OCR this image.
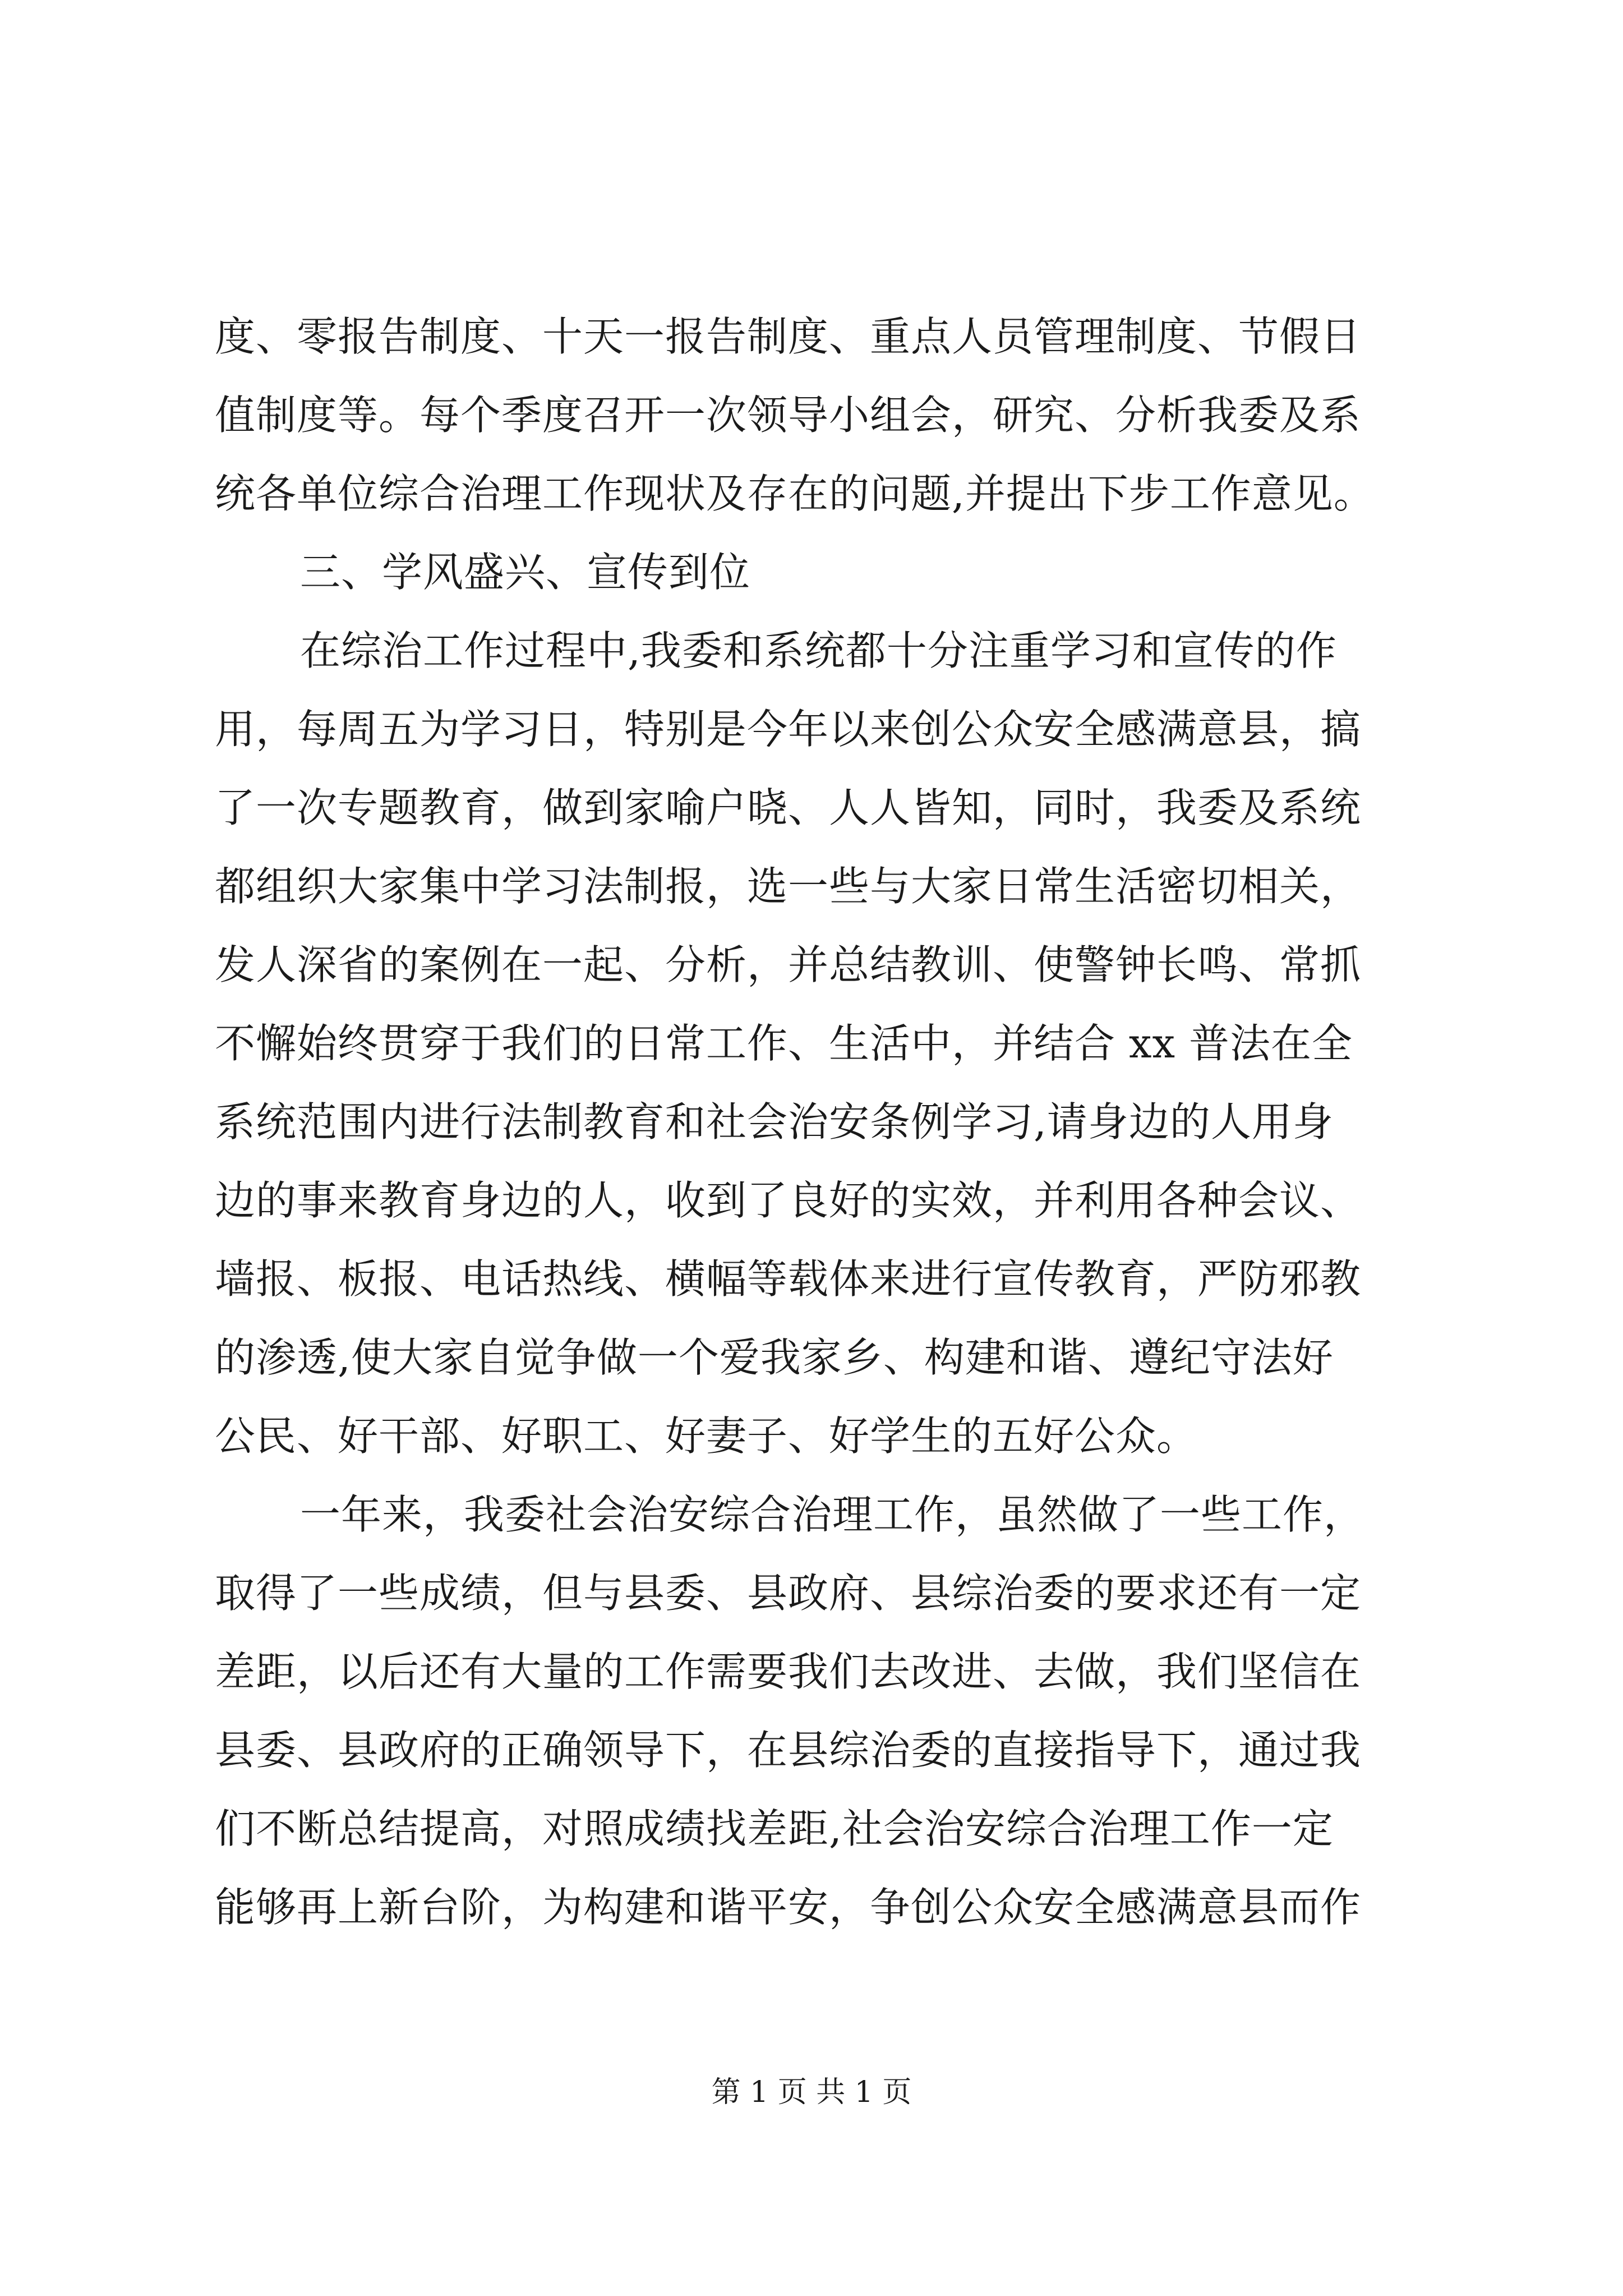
度、零报告制度、十天一报告制度、重点人员管理制度、节假日
值制度等。每个季度召开一次领导小组会，研究、分析我委及系
统各单位综合治理工作现状及存在的问题,并提出下步工作意见。
三、学风盛兴、宣传到位
在综治工作过程中,我委和系统都十分注重学习和宣传的作
用，每周五为学习日，特别是今年以来创公众安全感满意县，搞
了一次专题教育，做到家喻户晓、人人皆知，同时，我委及系统
都组织大家集中学习法制报，选一些与大家日常生活密切相关，
发人深省的案例在一起、分析，并总结教训、使警钟长鸣、常抓
不懈始终贯穿于我们的日常工作、生活中，并结合 xx 普法在全
系统范围内进行法制教育和社会治安条例学习,请身边的人用身
边的事来教育身边的人，收到了良好的实效，并利用各种会议、
墙报、板报、电话热线、横幅等载体来进行宣传教育，严防邪教
的渗透,使大家自觉争做一个爱我家乡、构建和谐、遵纪守法好
公民、好干部、好职工、好妻子、好学生的五好公众。
一年来，我委社会治安综合治理工作，虽然做了一些工作，
取得了一些成绩，但与县委、县政府、县综治委的要求还有一定
差距，以后还有大量的工作需要我们去改进、去做，我们坚信在
县委、县政府的正确领导下，在县综治委的直接指导下，通过我
们不断总结提高，对照成绩找差距,社会治安综合治理工作一定
能够再上新台阶，为构建和谐平安，争创公众安全感满意县而作
第 1 页 共 1 页
